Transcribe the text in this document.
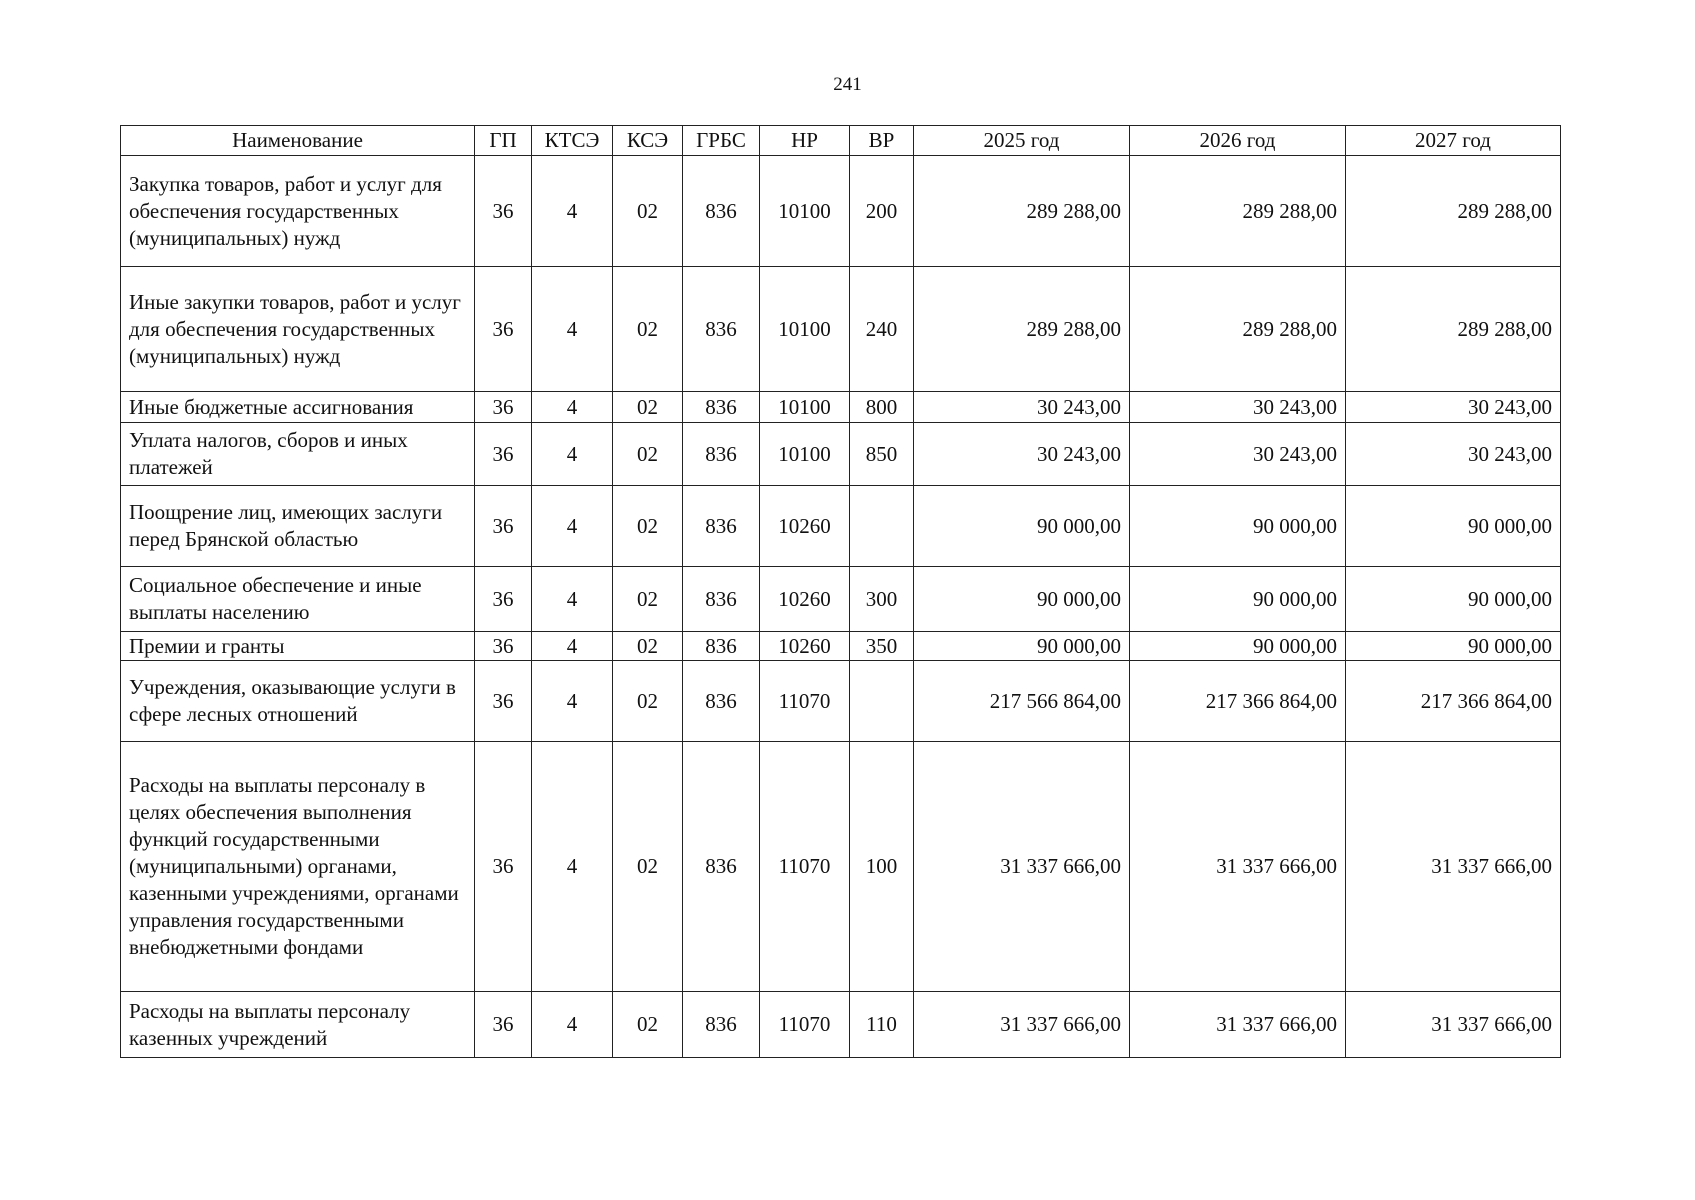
241
Наименование	ГП	КТСЭ	КСЭ	ГРБС	НР	ВР	2025 год	2026 год	2027 год
Закупка товаров, работ и услуг для обеспечения государственных (муниципальных) нужд	36	4	02	836	10100	200	289 288,00	289 288,00	289 288,00
Иные закупки товаров, работ и услуг для обеспечения государственных (муниципальных) нужд	36	4	02	836	10100	240	289 288,00	289 288,00	289 288,00
Иные бюджетные ассигнования	36	4	02	836	10100	800	30 243,00	30 243,00	30 243,00
Уплата налогов, сборов и иных платежей	36	4	02	836	10100	850	30 243,00	30 243,00	30 243,00
Поощрение лиц, имеющих заслуги перед Брянской областью	36	4	02	836	10260		90 000,00	90 000,00	90 000,00
Социальное обеспечение и иные выплаты населению	36	4	02	836	10260	300	90 000,00	90 000,00	90 000,00
Премии и гранты	36	4	02	836	10260	350	90 000,00	90 000,00	90 000,00
Учреждения, оказывающие услуги в сфере лесных отношений	36	4	02	836	11070		217 566 864,00	217 366 864,00	217 366 864,00
Расходы на выплаты персоналу в целях обеспечения выполнения функций государственными (муниципальными) органами, казенными учреждениями, органами управления государственными внебюджетными фондами	36	4	02	836	11070	100	31 337 666,00	31 337 666,00	31 337 666,00
Расходы на выплаты персоналу казенных учреждений	36	4	02	836	11070	110	31 337 666,00	31 337 666,00	31 337 666,00
